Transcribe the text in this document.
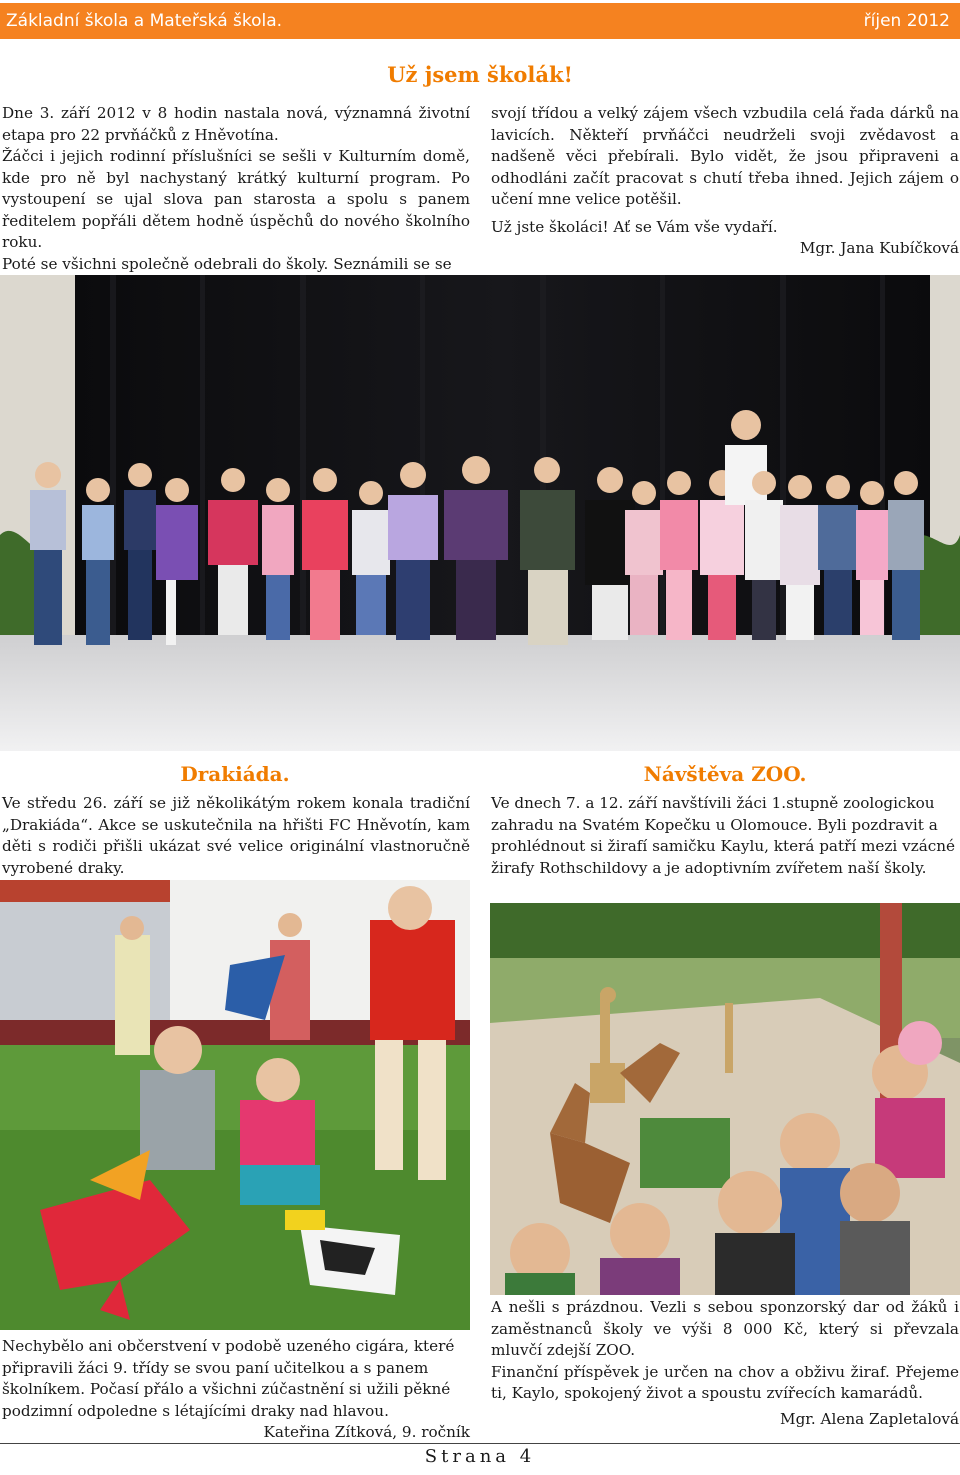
Základní škola a Mateřská škola.	říjen 2012
Už jsem školák!

Dne 3. září 2012 v 8 hodin nastala nová, významná životní etapa pro 22 prvňáčků z Hněvotína.

Žáčci i jejich rodinní příslušníci se sešli v Kulturním domě, kde pro ně byl nachystaný krátký kulturní program. Po vystoupení se ujal slova pan starosta a spolu s panem ředitelem popřáli dětem hodně úspěchů do nového školního roku.

Poté se všichni společně odebrali do školy. Seznámili se se

svojí třídou a velký zájem všech vzbudila celá řada dárků na lavicích. Někteří prvňáčci neudrželi svoji zvědavost a nadšeně věci přebírali. Bylo vidět, že jsou připraveni a odhodláni začít pracovat s chutí třeba ihned. Jejich zájem o učení mne velice potěšil.

Už jste školáci! Ať se Vám vše vydaří.

Mgr. Jana Kubíčková

Drakiáda.

Ve středu 26. září se již několikátým rokem konala tradiční „Drakiáda“. Akce se uskutečnila na hřišti FC Hněvotín, kam děti s rodiči přišli ukázat své velice originální vlastnoručně vyrobené draky.

Nechybělo ani občerstvení v podobě uzeného cigára, které připravili žáci 9. třídy se svou paní učitelkou a s panem školníkem. Počasí přálo a všichni zúčastnění si užili pěkné podzimní odpoledne s létajícími draky nad hlavou.

Kateřina Zítková, 9. ročník

Návštěva ZOO.

Ve dnech 7. a 12. září navštívili žáci 1.stupně zoologickou zahradu na Svatém Kopečku u Olomouce. Byli pozdravit a prohlédnout si žirafí samičku Kaylu, která patří mezi vzácné žirafy Rothschildovy a je adoptivním zvířetem naší školy.

A nešli s prázdnou. Vezli s sebou sponzorský dar od žáků i zaměstnanců školy ve výši 8 000 Kč, který si převzala mluvčí zdejší ZOO.

Finanční příspěvek je určen na chov a obživu žiraf. Přejeme ti, Kaylo, spokojený život a spoustu zvířecích kamarádů.

Mgr. Alena Zapletalová

Strana 4
